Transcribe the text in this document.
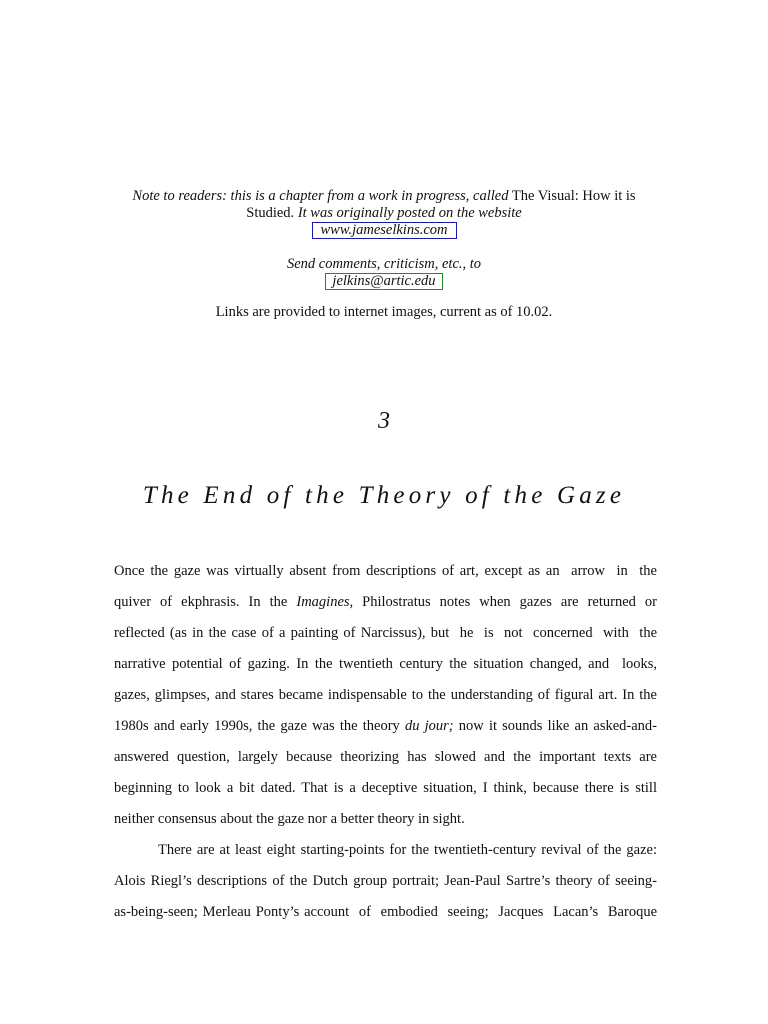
Note to readers: this is a chapter from a work in progress, called The Visual: How it is
Studied. It was originally posted on the website
www.jameselkins.com
Send comments, criticism, etc., to
jelkins@artic.edu
Links are provided to internet images, current as of 10.02.
3
The End of the Theory of the Gaze
Once the gaze was virtually absent from descriptions of art, except as an  arrow  in  the
quiver of ekphrasis. In the Imagines, Philostratus notes when gazes are returned or
reflected (as in the case of a painting of Narcissus), but  he  is  not  concerned  with  the
narrative potential of gazing. In the twentieth century the situation changed, and  looks,
gazes, glimpses, and stares became indispensable to the understanding of figural art. In the
1980s and early 1990s, the gaze was the theory du jour; now it sounds like an asked-and-
answered  question,  largely  because  theorizing  has  slowed  and  the  important  texts  are
beginning to look a bit dated. That is a deceptive situation, I think, because there is still
neither consensus about the gaze nor a better theory in sight.
There are at least eight starting-points for the twentieth-century revival of the gaze:
Alois Riegl’s descriptions of the Dutch group portrait; Jean-Paul Sartre’s theory of seeing-
as-being-seen; Merleau Ponty’s account  of  embodied  seeing;  Jacques  Lacan’s  Baroque
